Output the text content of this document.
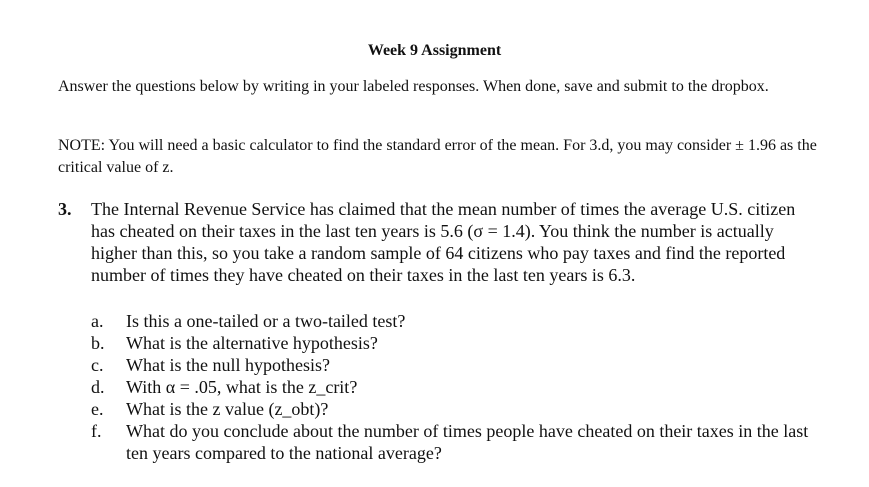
Week 9 Assignment

Answer the questions below by writing in your labeled responses. When done, save and submit to the dropbox.

NOTE: You will need a basic calculator to find the standard error of the mean. For 3.d, you may consider ± 1.96 as the critical value of z.

3. The Internal Revenue Service has claimed that the mean number of times the average U.S. citizen has cheated on their taxes in the last ten years is 5.6 (σ = 1.4). You think the number is actually higher than this, so you take a random sample of 64 citizens who pay taxes and find the reported number of times they have cheated on their taxes in the last ten years is 6.3.
a. Is this a one-tailed or a two-tailed test?
b. What is the alternative hypothesis?
c. What is the null hypothesis?
d. With α = .05, what is the z_crit?
e. What is the z value (z_obt)?
f. What do you conclude about the number of times people have cheated on their taxes in the last ten years compared to the national average?
